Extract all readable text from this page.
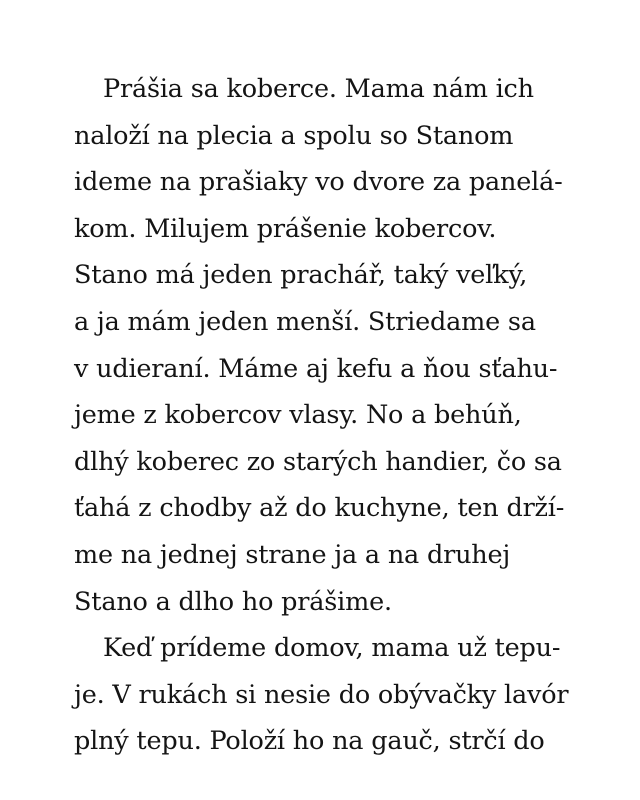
Prášia sa koberce. Mama nám ich
naloží na plecia a spolu so Stanom
ideme na prašiaky vo dvore za panelá-
kom. Milujem prášenie kobercov.
Stano má jeden prachář, taký veľký,
a ja mám jeden menší. Striedame sa
v udieraní. Máme aj kefu a ňou sťahu-
jeme z kobercov vlasy. No a behúň,
dlhý koberec zo starých handier, čo sa
ťahá z chodby až do kuchyne, ten drží-
me na jednej strane ja a na druhej
Stano a dlho ho prášime.
Keď prídeme domov, mama už tepu-
je. V rukách si nesie do obývačky lavór
plný tepu. Položí ho na gauč, strčí do
